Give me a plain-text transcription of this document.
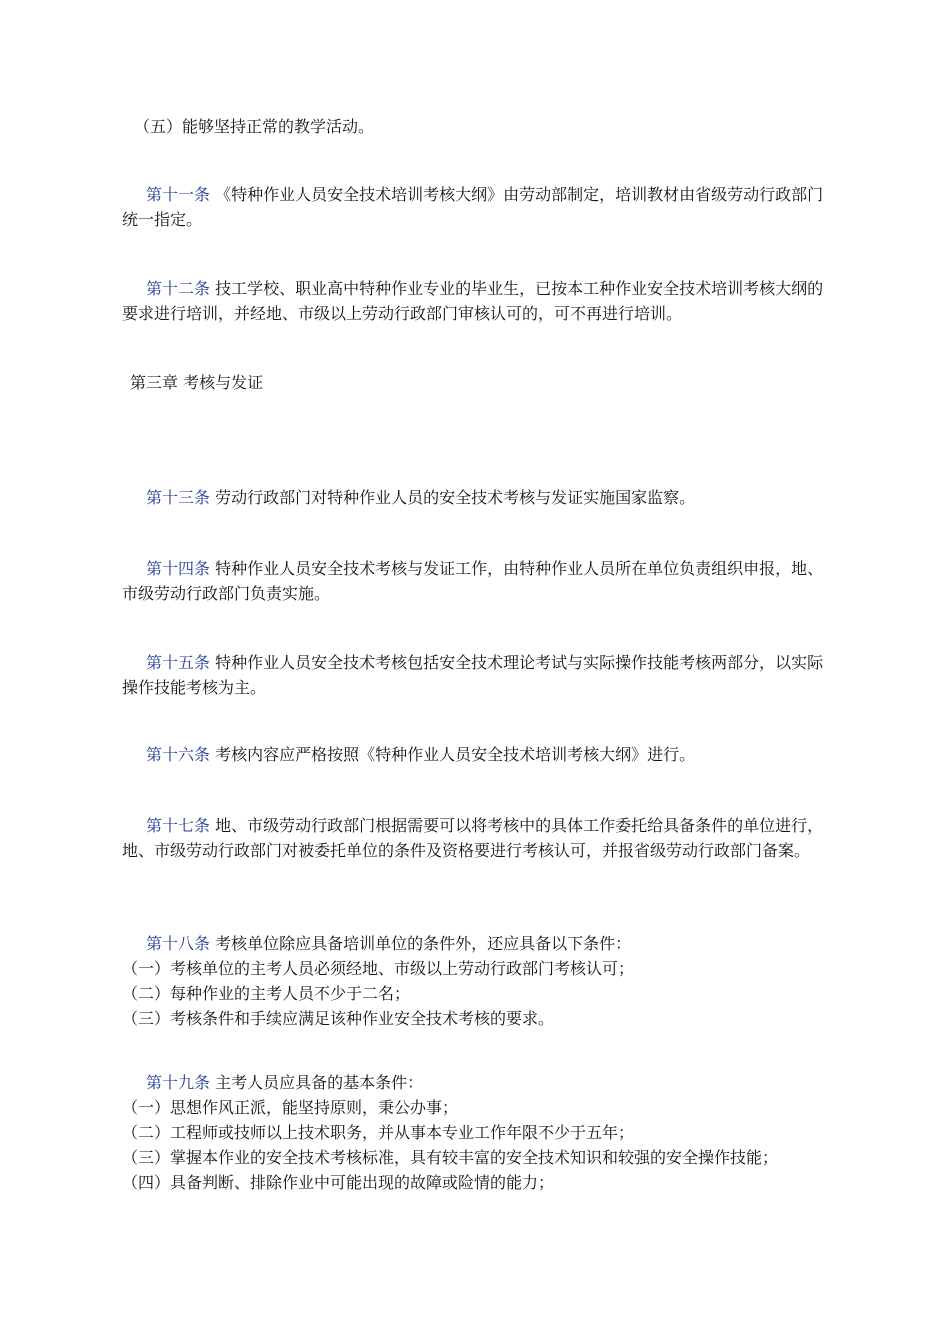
（五）能够坚持正常的教学活动。

第十一条 《特种作业人员安全技术培训考核大纲》由劳动部制定，培训教材由省级劳动行政部门统一指定。

第十二条 技工学校、职业高中特种作业专业的毕业生，已按本工种作业安全技术培训考核大纲的要求进行培训，并经地、市级以上劳动行政部门审核认可的，可不再进行培训。

第三章 考核与发证

第十三条 劳动行政部门对特种作业人员的安全技术考核与发证实施国家监察。

第十四条 特种作业人员安全技术考核与发证工作，由特种作业人员所在单位负责组织申报，地、市级劳动行政部门负责实施。

第十五条 特种作业人员安全技术考核包括安全技术理论考试与实际操作技能考核两部分，以实际操作技能考核为主。

第十六条 考核内容应严格按照《特种作业人员安全技术培训考核大纲》进行。

第十七条 地、市级劳动行政部门根据需要可以将考核中的具体工作委托给具备条件的单位进行，地、市级劳动行政部门对被委托单位的条件及资格要进行考核认可，并报省级劳动行政部门备案。

第十八条 考核单位除应具备培训单位的条件外，还应具备以下条件：
（一）考核单位的主考人员必须经地、市级以上劳动行政部门考核认可；
（二）每种作业的主考人员不少于二名；
（三）考核条件和手续应满足该种作业安全技术考核的要求。

第十九条 主考人员应具备的基本条件：
（一）思想作风正派，能坚持原则，秉公办事；
（二）工程师或技师以上技术职务，并从事本专业工作年限不少于五年；
（三）掌握本作业的安全技术考核标准，具有较丰富的安全技术知识和较强的安全操作技能；
（四）具备判断、排除作业中可能出现的故障或险情的能力；
